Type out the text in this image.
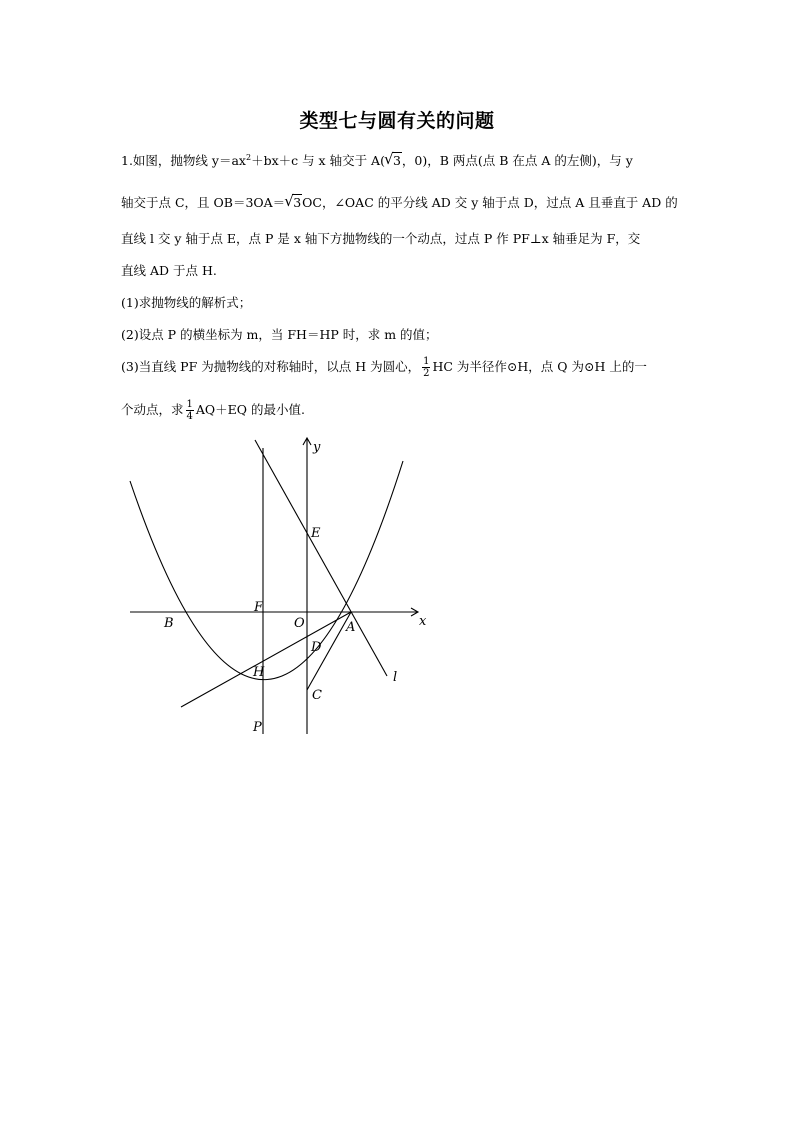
类型七与圆有关的问题
1.如图，抛物线 $y=ax^2+bx+c$ 与 x 轴交于 A( √ 3，0)，B 两点(点 B 在点 A 的左侧)，与 y
轴交于点 C，且 OB＝3OA＝ √ 3OC，∠OAC 的平分线 AD 交 y 轴于点 D，过点 A 且垂直于 AD 的
直线 l 交 y 轴于点 E，点 P 是 x 轴下方抛物线的一个动点，过点 P 作 PF⊥x 轴垂足为 F，交
直线 AD 于点 H.
(1)求抛物线的解析式；
(2)设点 P 的横坐标为 m，当 FH＝HP 时，求 m 的值；
(3)当直线 PF 为抛物线的对称轴时，以点 H 为圆心， $\frac{1}{2}$ HC 为半径作⊙H，点 Q 为⊙H 上的一
个动点，求 $\frac{1}{4} AQ+EQ$ 的最小值.
y
x
E
F
B	O	A
D
H
C
P
l
